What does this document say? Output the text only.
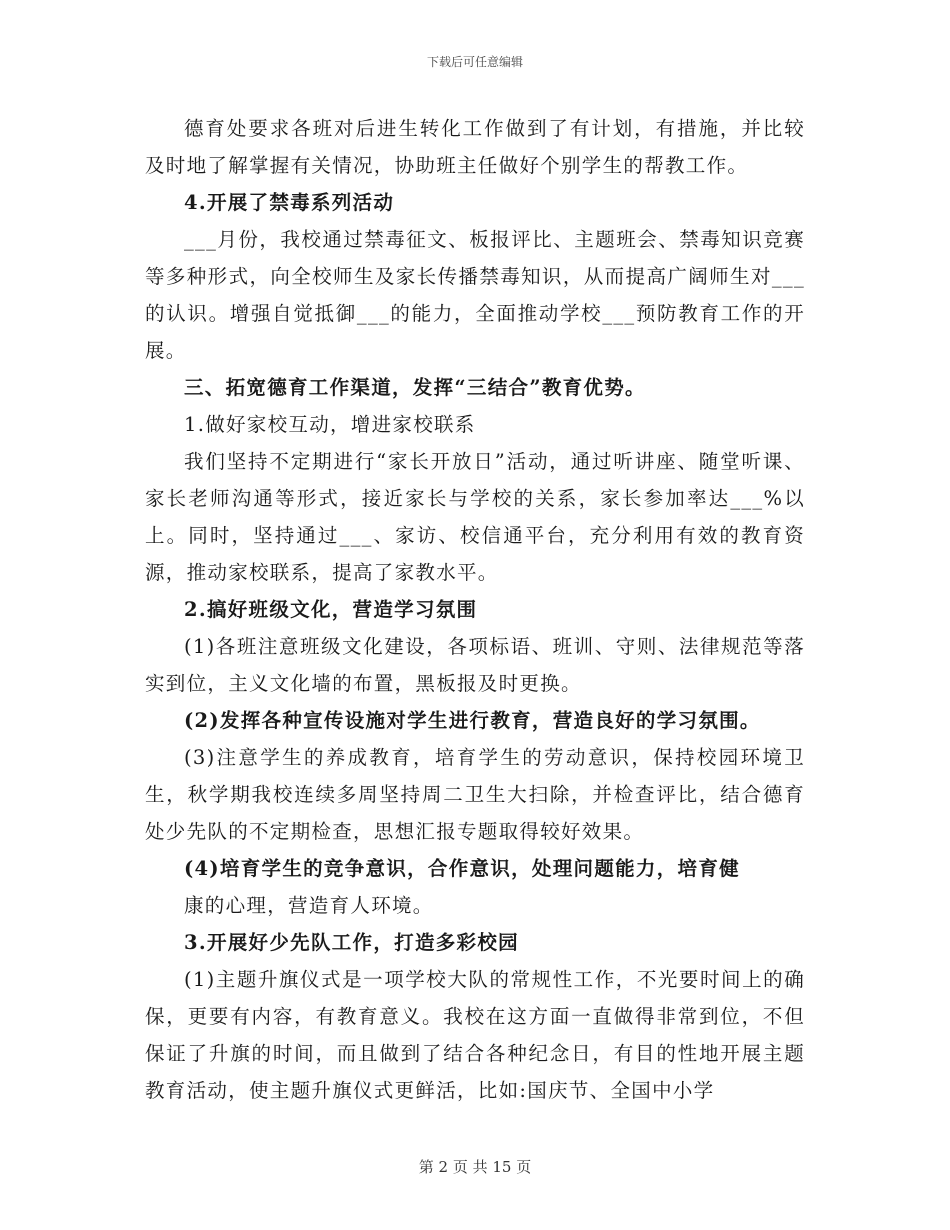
下载后可任意编辑

德育处要求各班对后进生转化工作做到了有计划，有措施，并比较及时地了解掌握有关情况，协助班主任做好个别学生的帮教工作。

4.开展了禁毒系列活动

___月份，我校通过禁毒征文、板报评比、主题班会、禁毒知识竞赛等多种形式，向全校师生及家长传播禁毒知识，从而提高广阔师生对___的认识。增强自觉抵御___的能力，全面推动学校___预防教育工作的开展。

三、拓宽德育工作渠道，发挥“三结合”教育优势。

1.做好家校互动，增进家校联系

我们坚持不定期进行“家长开放日”活动，通过听讲座、随堂听课、家长老师沟通等形式，接近家长与学校的关系，家长参加率达___%以上。同时，坚持通过___、家访、校信通平台，充分利用有效的教育资源，推动家校联系，提高了家教水平。

2.搞好班级文化，营造学习氛围

(1)各班注意班级文化建设，各项标语、班训、守则、法律规范等落实到位，主义文化墙的布置，黑板报及时更换。

(2)发挥各种宣传设施对学生进行教育，营造良好的学习氛围。

(3)注意学生的养成教育，培育学生的劳动意识，保持校园环境卫生，秋学期我校连续多周坚持周二卫生大扫除，并检查评比，结合德育处少先队的不定期检查，思想汇报专题取得较好效果。

(4)培育学生的竞争意识，合作意识，处理问题能力，培育健

康的心理，营造育人环境。

3.开展好少先队工作，打造多彩校园

(1)主题升旗仪式是一项学校大队的常规性工作，不光要时间上的确保，更要有内容，有教育意义。我校在这方面一直做得非常到位，不但保证了升旗的时间，而且做到了结合各种纪念日，有目的性地开展主题教育活动，使主题升旗仪式更鲜活，比如:国庆节、全国中小学

第 2 页 共 15 页
